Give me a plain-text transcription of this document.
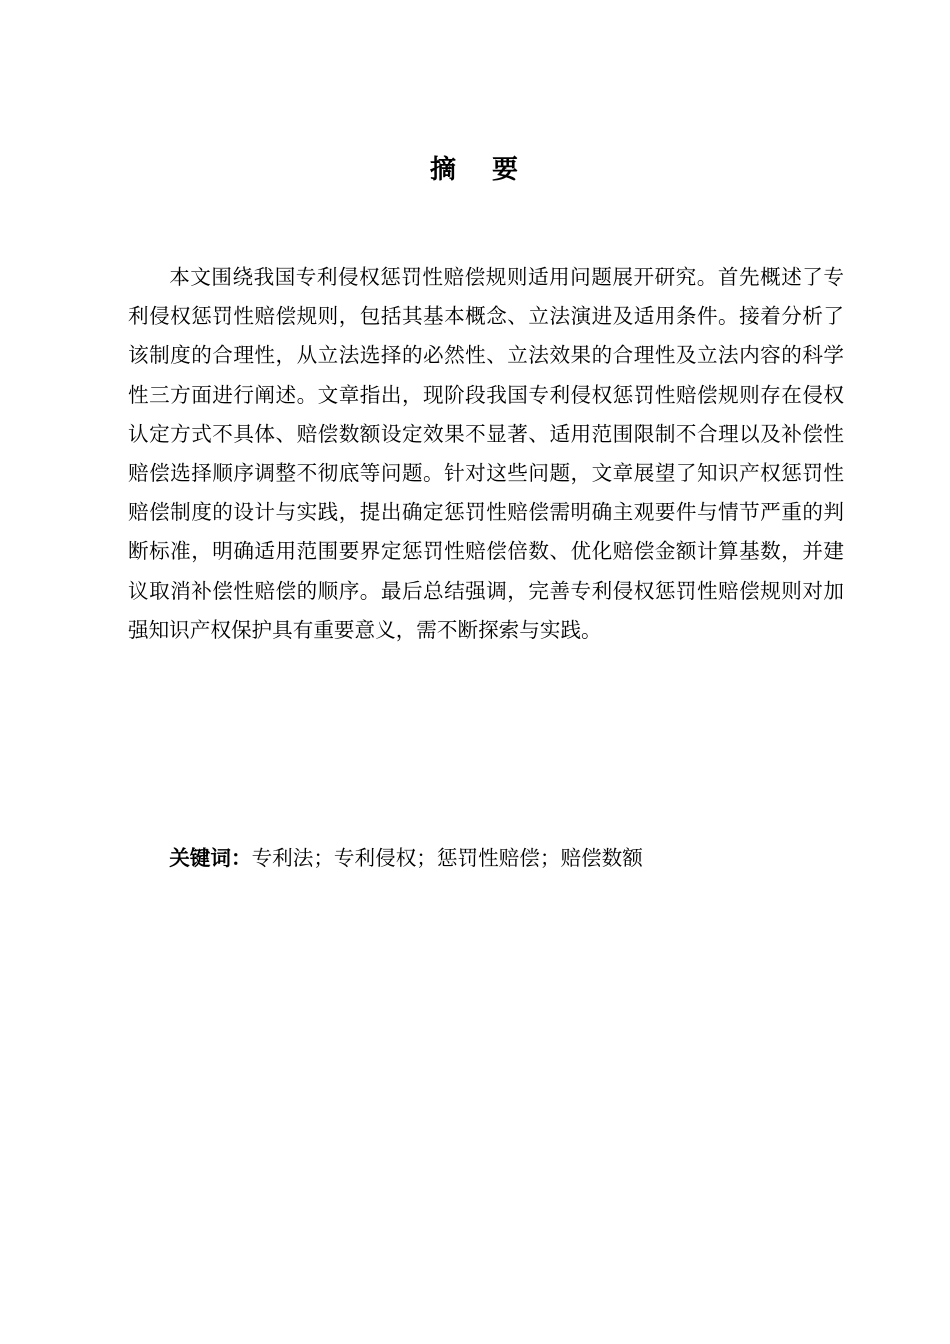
摘 要

本文围绕我国专利侵权惩罚性赔偿规则适用问题展开研究。首先概述了专利侵权惩罚性赔偿规则，包括其基本概念、立法演进及适用条件。接着分析了该制度的合理性，从立法选择的必然性、立法效果的合理性及立法内容的科学性三方面进行阐述。文章指出，现阶段我国专利侵权惩罚性赔偿规则存在侵权认定方式不具体、赔偿数额设定效果不显著、适用范围限制不合理以及补偿性赔偿选择顺序调整不彻底等问题。针对这些问题，文章展望了知识产权惩罚性赔偿制度的设计与实践，提出确定惩罚性赔偿需明确主观要件与情节严重的判断标准，明确适用范围要界定惩罚性赔偿倍数、优化赔偿金额计算基数，并建议取消补偿性赔偿的顺序。最后总结强调，完善专利侵权惩罚性赔偿规则对加强知识产权保护具有重要意义，需不断探索与实践。

关键词：专利法；专利侵权；惩罚性赔偿；赔偿数额
